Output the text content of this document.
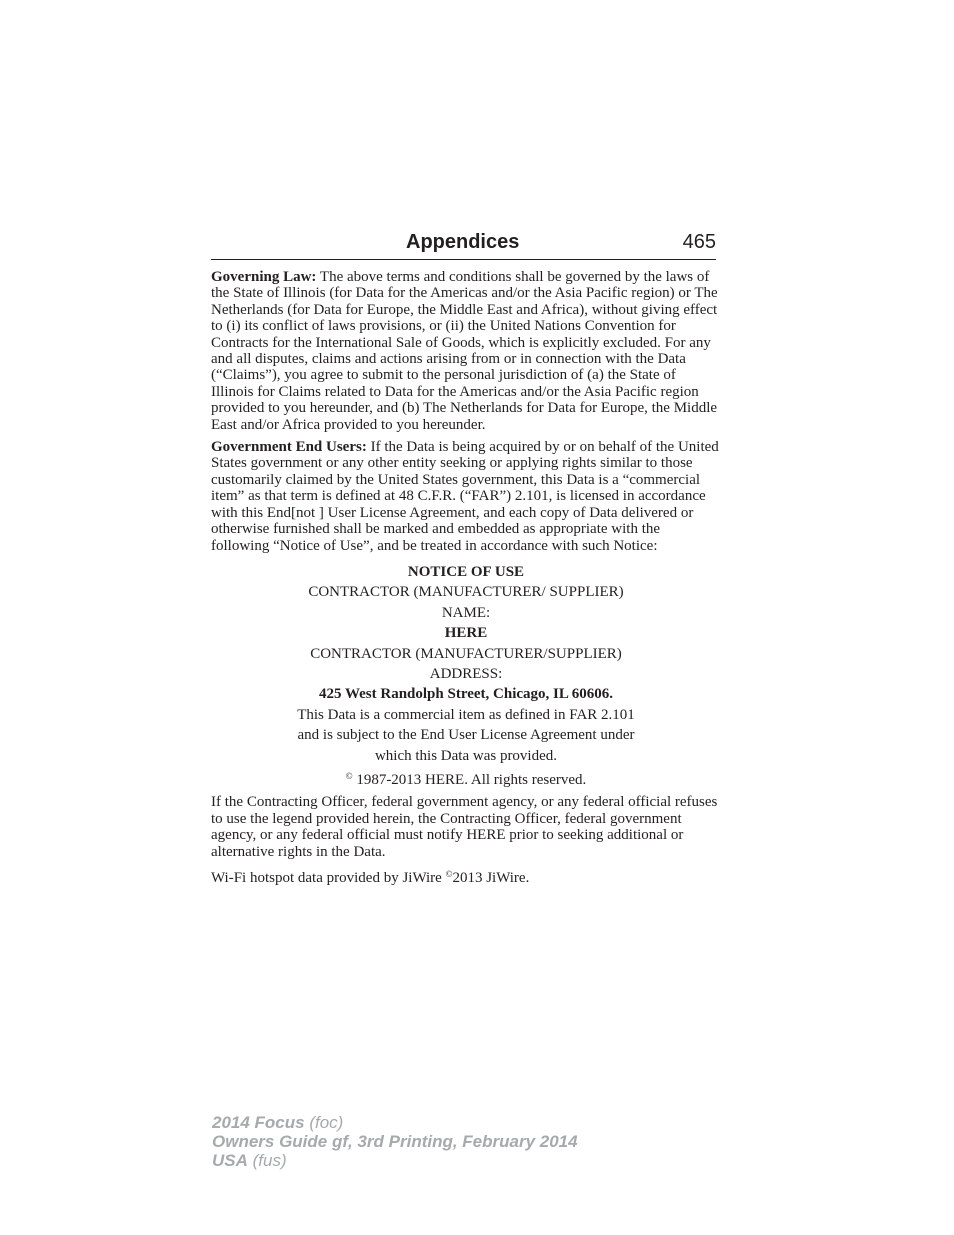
Appendices	465

Governing Law: The above terms and conditions shall be governed by the laws of the State of Illinois (for Data for the Americas and/or the Asia Pacific region) or The Netherlands (for Data for Europe, the Middle East and Africa), without giving effect to (i) its conflict of laws provisions, or (ii) the United Nations Convention for Contracts for the International Sale of Goods, which is explicitly excluded. For any and all disputes, claims and actions arising from or in connection with the Data (“Claims”), you agree to submit to the personal jurisdiction of (a) the State of Illinois for Claims related to Data for the Americas and/or the Asia Pacific region provided to you hereunder, and (b) The Netherlands for Data for Europe, the Middle East and/or Africa provided to you hereunder.

Government End Users: If the Data is being acquired by or on behalf of the United States government or any other entity seeking or applying rights similar to those customarily claimed by the United States government, this Data is a “commercial item” as that term is defined at 48 C.F.R. (“FAR”) 2.101, is licensed in accordance with this End[not ] User License Agreement, and each copy of Data delivered or otherwise furnished shall be marked and embedded as appropriate with the following “Notice of Use”, and be treated in accordance with such Notice:

NOTICE OF USE
CONTRACTOR (MANUFACTURER/ SUPPLIER)
NAME:
HERE
CONTRACTOR (MANUFACTURER/SUPPLIER)
ADDRESS:
425 West Randolph Street, Chicago, IL 60606.
This Data is a commercial item as defined in FAR 2.101
and is subject to the End User License Agreement under
which this Data was provided.
© 1987-2013 HERE. All rights reserved.

If the Contracting Officer, federal government agency, or any federal official refuses to use the legend provided herein, the Contracting Officer, federal government agency, or any federal official must notify HERE prior to seeking additional or alternative rights in the Data.

Wi-Fi hotspot data provided by JiWire ©2013 JiWire.

2014 Focus (foc)
Owners Guide gf, 3rd Printing, February 2014
USA (fus)
